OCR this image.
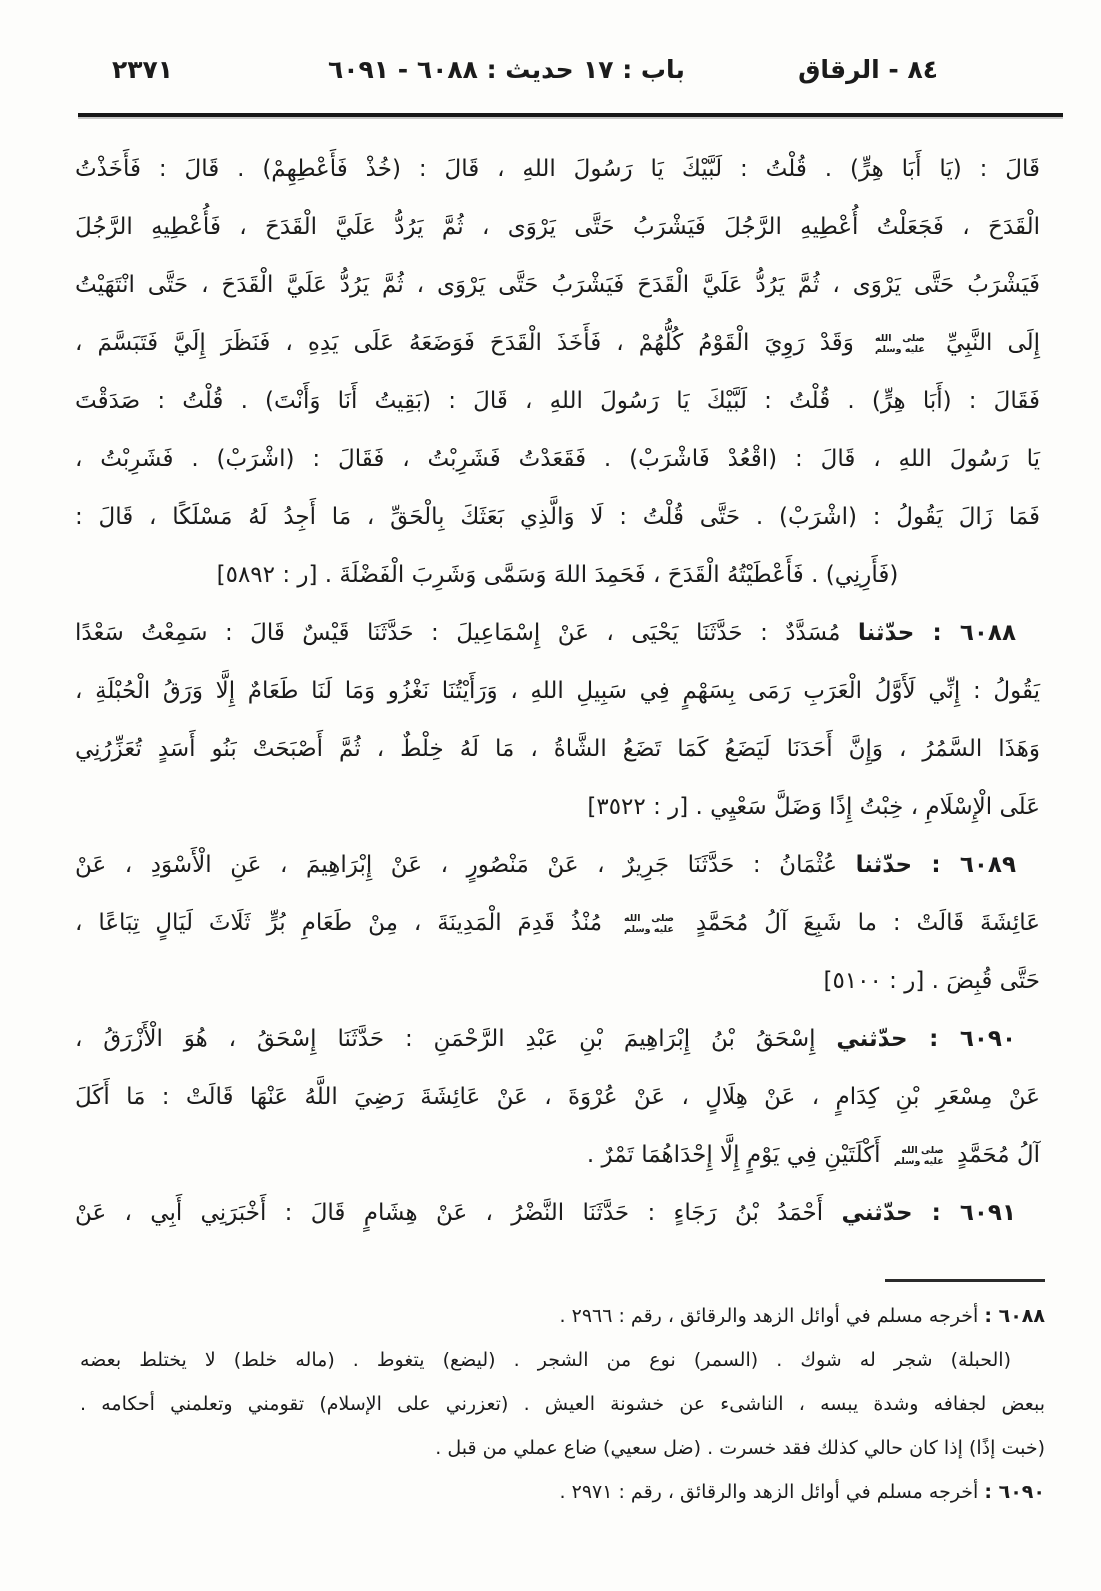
٨٤ - الرقاق
باب : ١٧
حديث : ٦٠٨٨ - ٦٠٩١
٢٣٧١
قَالَ : (يَا أَبَا هِرٍّ) . قُلْتُ : لَبَّيْكَ يَا رَسُولَ اللهِ ، قَالَ : (خُذْ فَأَعْطِهِمْ) . قَالَ : فَأَخَذْتُ
الْقَدَحَ ، فَجَعَلْتُ أُعْطِيهِ الرَّجُلَ فَيَشْرَبُ حَتَّى يَرْوَى ، ثُمَّ يَرُدُّ عَلَيَّ الْقَدَحَ ، فَأُعْطِيهِ الرَّجُلَ
فَيَشْرَبُ حَتَّى يَرْوَى ، ثُمَّ يَرُدُّ عَلَيَّ الْقَدَحَ فَيَشْرَبُ حَتَّى يَرْوَى ، ثُمَّ يَرُدُّ عَلَيَّ الْقَدَحَ ، حَتَّى انْتَهَيْتُ
إِلَى النَّبِيِّ
صلى الله
عليه وسلم
وَقَدْ رَوِيَ الْقَوْمُ كُلُّهُمْ ، فَأَخَذَ الْقَدَحَ فَوَضَعَهُ عَلَى يَدِهِ ، فَنَظَرَ إِلَيَّ فَتَبَسَّمَ ،
فَقَالَ : (أَبَا هِرٍّ) . قُلْتُ : لَبَّيْكَ يَا رَسُولَ اللهِ ، قَالَ : (بَقِيتُ أَنَا وَأَنْتَ) . قُلْتُ : صَدَقْتَ
يَا رَسُولَ اللهِ ، قَالَ : (اقْعُدْ فَاشْرَبْ) . فَقَعَدْتُ فَشَرِبْتُ ، فَقَالَ : (اشْرَبْ) . فَشَرِبْتُ ،
فَمَا زَالَ يَقُولُ : (اشْرَبْ) . حَتَّى قُلْتُ : لَا وَالَّذِي بَعَثَكَ بِالْحَقِّ ، مَا أَجِدُ لَهُ مَسْلَكًا ، قَالَ :
(فَأَرِنِي) . فَأَعْطَيْتُهُ الْقَدَحَ ، فَحَمِدَ اللهَ وَسَمَّى وَشَرِبَ الْفَضْلَةَ . [ر : ٥٨٩٢]
٦٠٨٨ : حدّثنا مُسَدَّدٌ : حَدَّثَنَا يَحْيَى ، عَنْ إِسْمَاعِيلَ : حَدَّثَنَا قَيْسٌ قَالَ : سَمِعْتُ سَعْدًا
يَقُولُ : إِنِّي لَأَوَّلُ الْعَرَبِ رَمَى بِسَهْمٍ فِي سَبِيلِ اللهِ ، وَرَأَيْتُنَا نَغْزُو وَمَا لَنَا طَعَامٌ إِلَّا وَرَقُ الْحُبْلَةِ ،
وَهَذَا السَّمُرُ ، وَإِنَّ أَحَدَنَا لَيَضَعُ كَمَا تَضَعُ الشَّاةُ ، مَا لَهُ خِلْطٌ ، ثُمَّ أَصْبَحَتْ بَنُو أَسَدٍ تُعَزِّرُنِي
عَلَى الْإِسْلَامِ ، خِبْتُ إِذًا وَضَلَّ سَعْيِي . [ر : ٣٥٢٢]
٦٠٨٩ : حدّثنا عُثْمَانُ : حَدَّثَنَا جَرِيرٌ ، عَنْ مَنْصُورٍ ، عَنْ إِبْرَاهِيمَ ، عَنِ الْأَسْوَدِ ، عَنْ
عَائِشَةَ قَالَتْ : ما شَبِعَ آلُ مُحَمَّدٍ
صلى الله
عليه وسلم
مُنْذُ قَدِمَ الْمَدِينَةَ ، مِنْ طَعَامِ بُرٍّ ثَلَاثَ لَيَالٍ تِبَاعًا ،
حَتَّى قُبِضَ . [ر : ٥١٠٠]
٦٠٩٠ : حدّثني إِسْحَقُ بْنُ إِبْرَاهِيمَ بْنِ عَبْدِ الرَّحْمَنِ : حَدَّثَنَا إِسْحَقُ ، هُوَ الْأَزْرَقُ ،
عَنْ مِسْعَرِ بْنِ كِدَامٍ ، عَنْ هِلَالٍ ، عَنْ عُرْوَةَ ، عَنْ عَائِشَةَ رَضِيَ اللَّهُ عَنْهَا قَالَتْ : مَا أَكَلَ
آلُ مُحَمَّدٍ
صلى الله
عليه وسلم
أَكْلَتَيْنِ فِي يَوْمٍ إِلَّا إِحْدَاهُمَا تَمْرٌ .
٦٠٩١ : حدّثني أَحْمَدُ بْنُ رَجَاءٍ : حَدَّثَنَا النَّضْرُ ، عَنْ هِشَامٍ قَالَ : أَخْبَرَنِي أَبِي ، عَنْ
٦٠٨٨ : أخرجه مسلم في أوائل الزهد والرقائق ، رقم : ٢٩٦٦ .
(الحبلة) شجر له شوك . (السمر) نوع من الشجر . (ليضع) يتغوط . (ماله خلط) لا يختلط بعضه
ببعض لجفافه وشدة يبسه ، الناشىء عن خشونة العيش . (تعزرني على الإسلام) تقومني وتعلمني أحكامه .
(خبت إذًا) إذا كان حالي كذلك فقد خسرت . (ضل سعيي) ضاع عملي من قبل .
٦٠٩٠ : أخرجه مسلم في أوائل الزهد والرقائق ، رقم : ٢٩٧١ .
